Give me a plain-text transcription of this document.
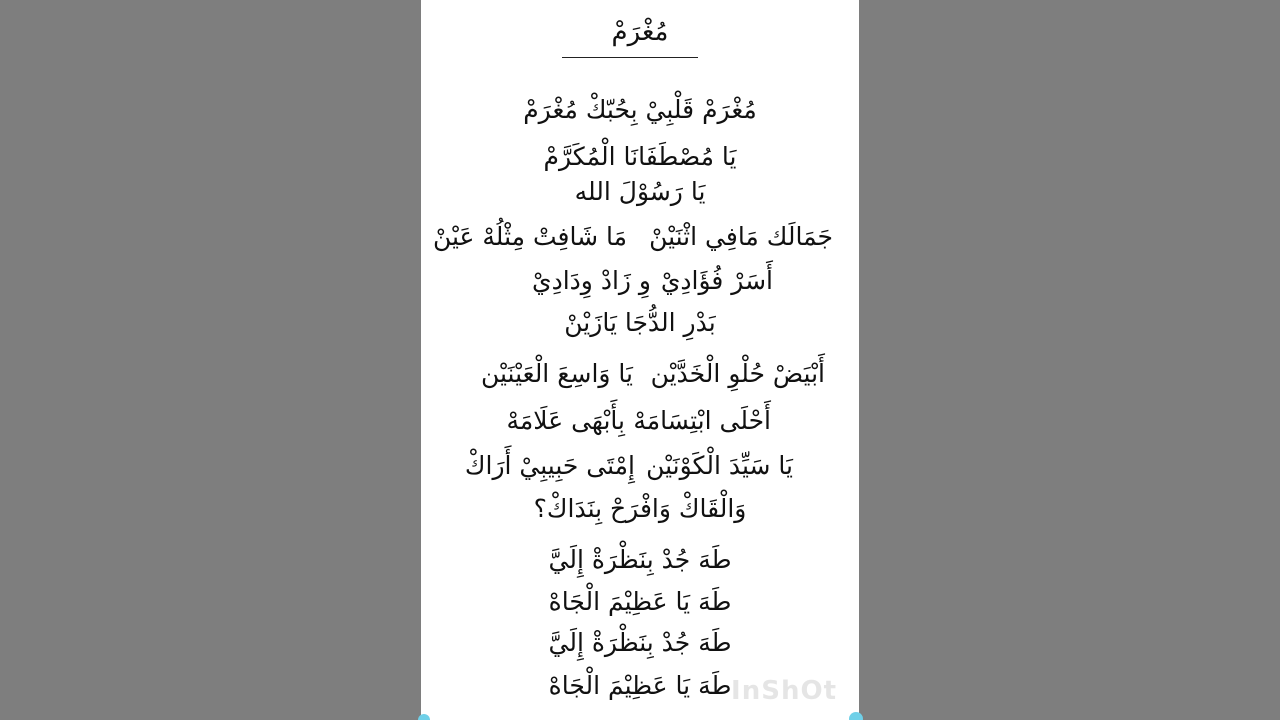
مُغْرَمْ
مُغْرَمْ قَلْبِيْ بِحُبّكْ مُغْرَمْ
يَا مُصْطَفَانَا الْمُكَرَّمْ
يَا رَسُوْلَ الله
جَمَالَك مَافِي اثْنَيْنْ
مَا شَافِتْ مِثْلُهْ عَيْنْ
أَسَرْ فُؤَادِيْ
وِ زَادْ وِدَادِيْ
بَدْرِ الدُّجَا يَازَيْنْ
أَبْيَضْ حُلْوِ الْخَدَّيْن
يَا وَاسِعَ الْعَيْنَيْن
أَحْلَى ابْتِسَامَهْ
بِأَبْهَى عَلَامَهْ
يَا سَيِّدَ الْكَوْنَيْن
إِمْتَى حَبِيبِيْ أَرَاكْ
وَالْقَاكْ وَافْرَحْ بِنَدَاكْ؟
طَهَ جُدْ بِنَظْرَةْ إِلَيَّ
طَهَ يَا عَظِيْمَ الْجَاهْ
طَهَ جُدْ بِنَظْرَةْ إِلَيَّ
طَهَ يَا عَظِيْمَ الْجَاهْ InShOt
